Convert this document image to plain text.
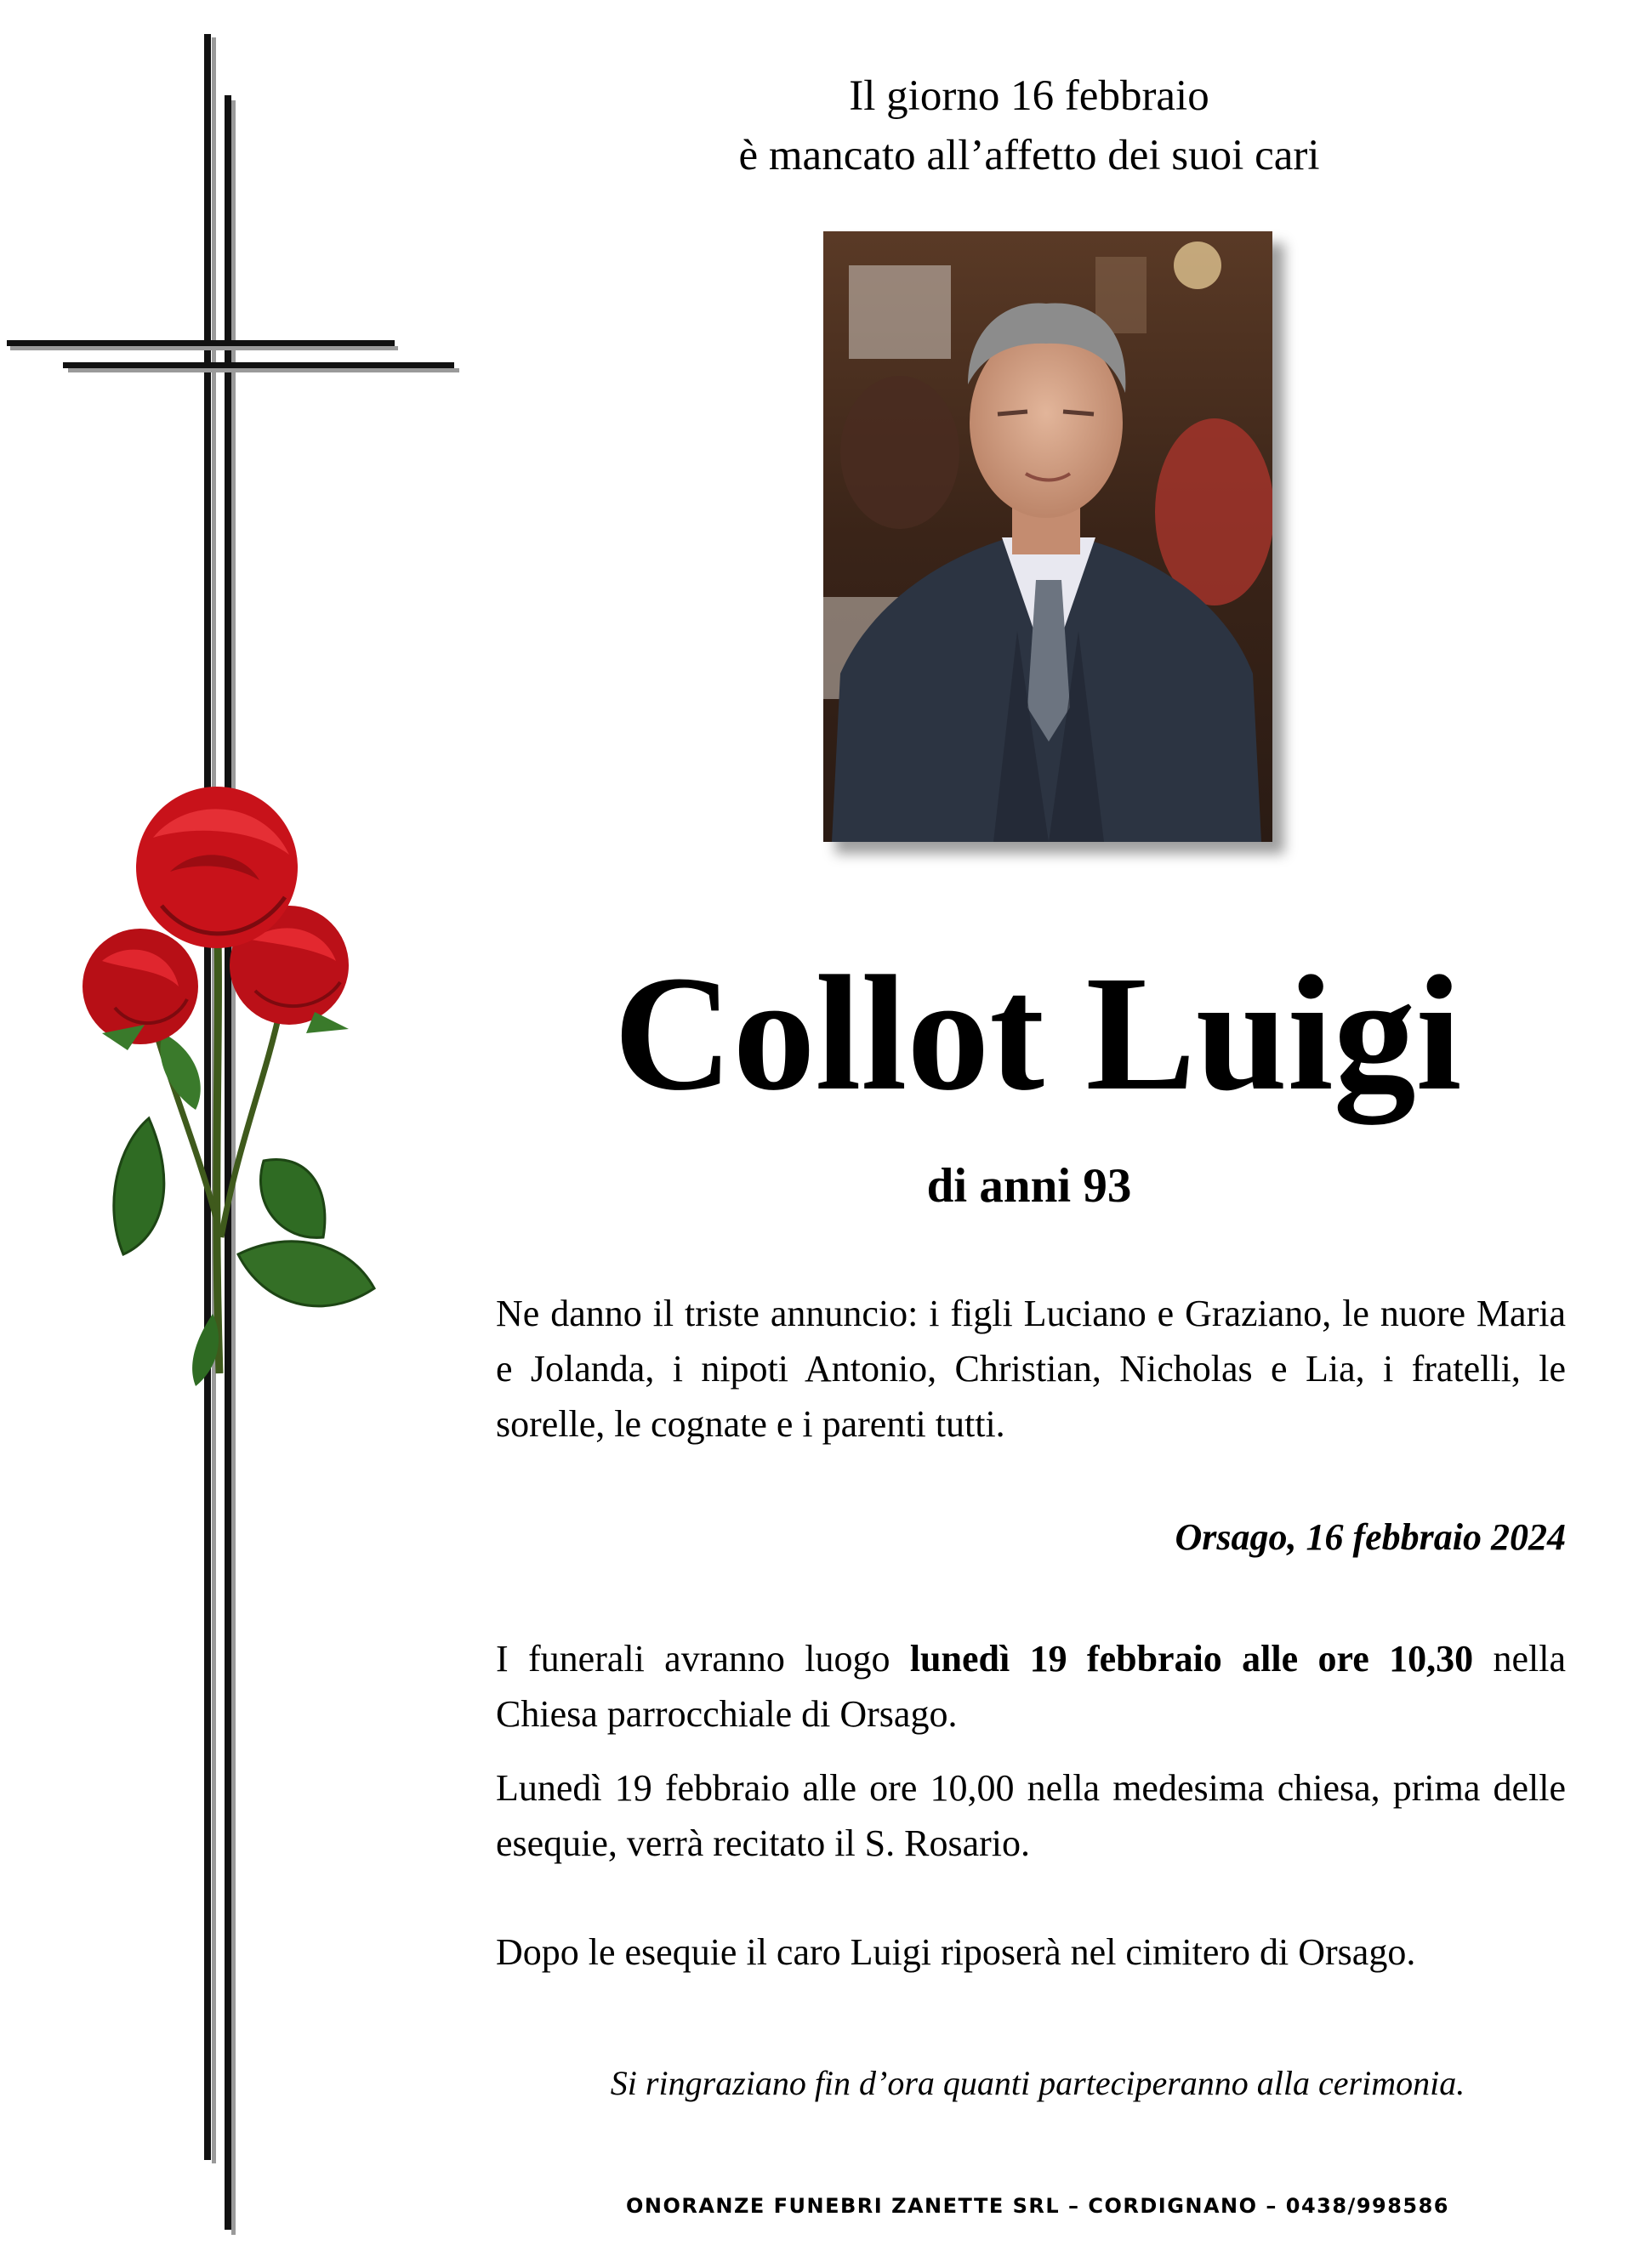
Il giorno 16 febbraio
è mancato all’affetto dei suoi cari

Collot Luigi

di anni 93

Ne danno il triste annuncio: i figli Luciano e Graziano, le nuore Maria e Jolanda, i nipoti Antonio, Christian, Nicholas e Lia, i fratelli, le sorelle, le cognate e i parenti tutti.

Orsago, 16 febbraio 2024

I funerali avranno luogo lunedì 19 febbraio alle ore 10,30 nella Chiesa parrocchiale di Orsago.

Lunedì 19 febbraio alle ore 10,00 nella medesima chiesa, prima delle esequie, verrà recitato il S. Rosario.

Dopo le esequie il caro Luigi riposerà nel cimitero di Orsago.

Si ringraziano fin d’ora quanti parteciperanno alla cerimonia.

ONORANZE FUNEBRI ZANETTE SRL – CORDIGNANO – 0438/998586
